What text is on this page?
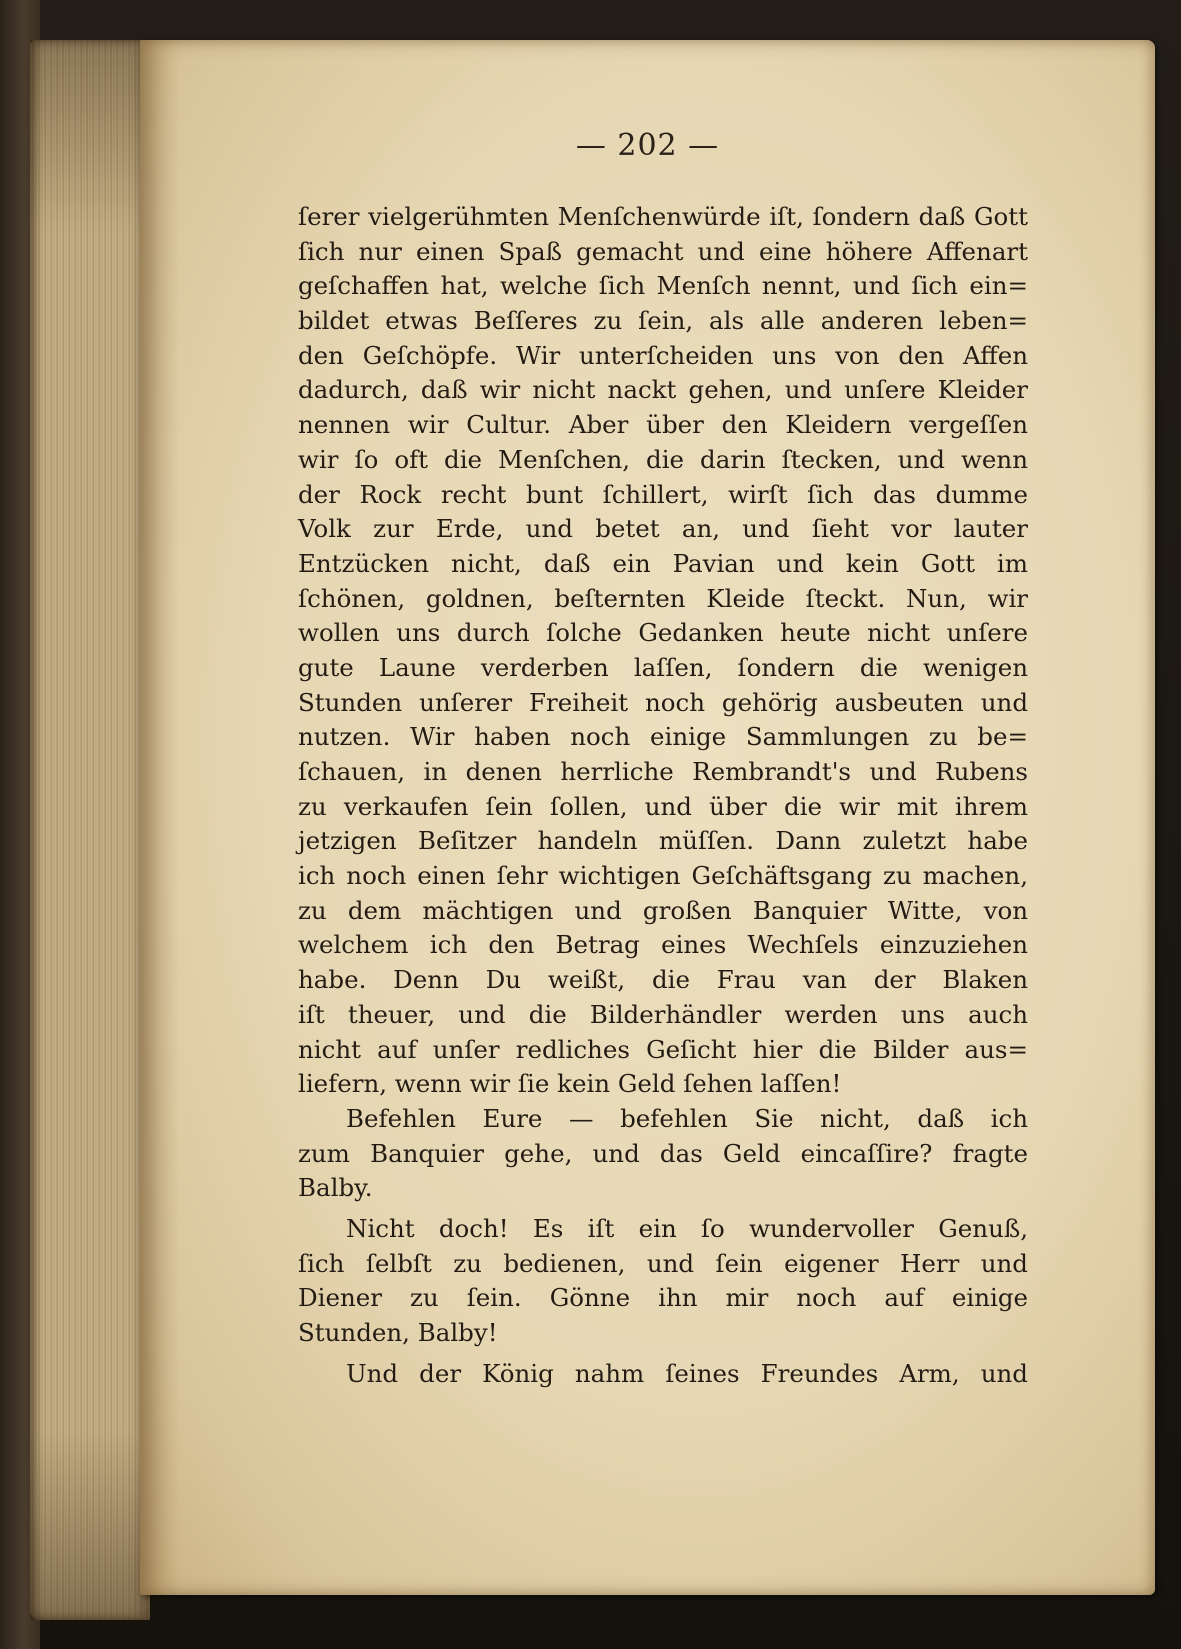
— 202 —
ſerer vielgerühmten Menſchenwürde iſt, ſondern daß Gott
ſich nur einen Spaß gemacht und eine höhere Affenart
geſchaffen hat, welche ſich Menſch nennt, und ſich ein=
bildet etwas Beſſeres zu ſein, als alle anderen leben=
den Geſchöpfe. Wir unterſcheiden uns von den Affen
dadurch, daß wir nicht nackt gehen, und unſere Kleider
nennen wir Cultur. Aber über den Kleidern vergeſſen
wir ſo oft die Menſchen, die darin ſtecken, und wenn
der Rock recht bunt ſchillert, wirſt ſich das dumme
Volk zur Erde, und betet an, und ſieht vor lauter
Entzücken nicht, daß ein Pavian und kein Gott im
ſchönen, goldnen, beſternten Kleide ſteckt. Nun, wir
wollen uns durch ſolche Gedanken heute nicht unſere
gute Laune verderben laſſen, ſondern die wenigen
Stunden unſerer Freiheit noch gehörig ausbeuten und
nutzen. Wir haben noch einige Sammlungen zu be=
ſchauen, in denen herrliche Rembrandt's und Rubens
zu verkaufen ſein ſollen, und über die wir mit ihrem
jetzigen Beſitzer handeln müſſen. Dann zuletzt habe
ich noch einen ſehr wichtigen Geſchäftsgang zu machen,
zu dem mächtigen und großen Banquier Witte, von
welchem ich den Betrag eines Wechſels einzuziehen
habe. Denn Du weißt, die Frau van der Blaken
iſt theuer, und die Bilderhändler werden uns auch
nicht auf unſer redliches Geſicht hier die Bilder aus=
liefern, wenn wir ſie kein Geld ſehen laſſen!
Befehlen Eure — befehlen Sie nicht, daß ich
zum Banquier gehe, und das Geld eincaſſire? fragte
Balby.
Nicht doch! Es iſt ein ſo wundervoller Genuß,
ſich ſelbſt zu bedienen, und ſein eigener Herr und
Diener zu ſein. Gönne ihn mir noch auf einige
Stunden, Balby!
Und der König nahm ſeines Freundes Arm, und
